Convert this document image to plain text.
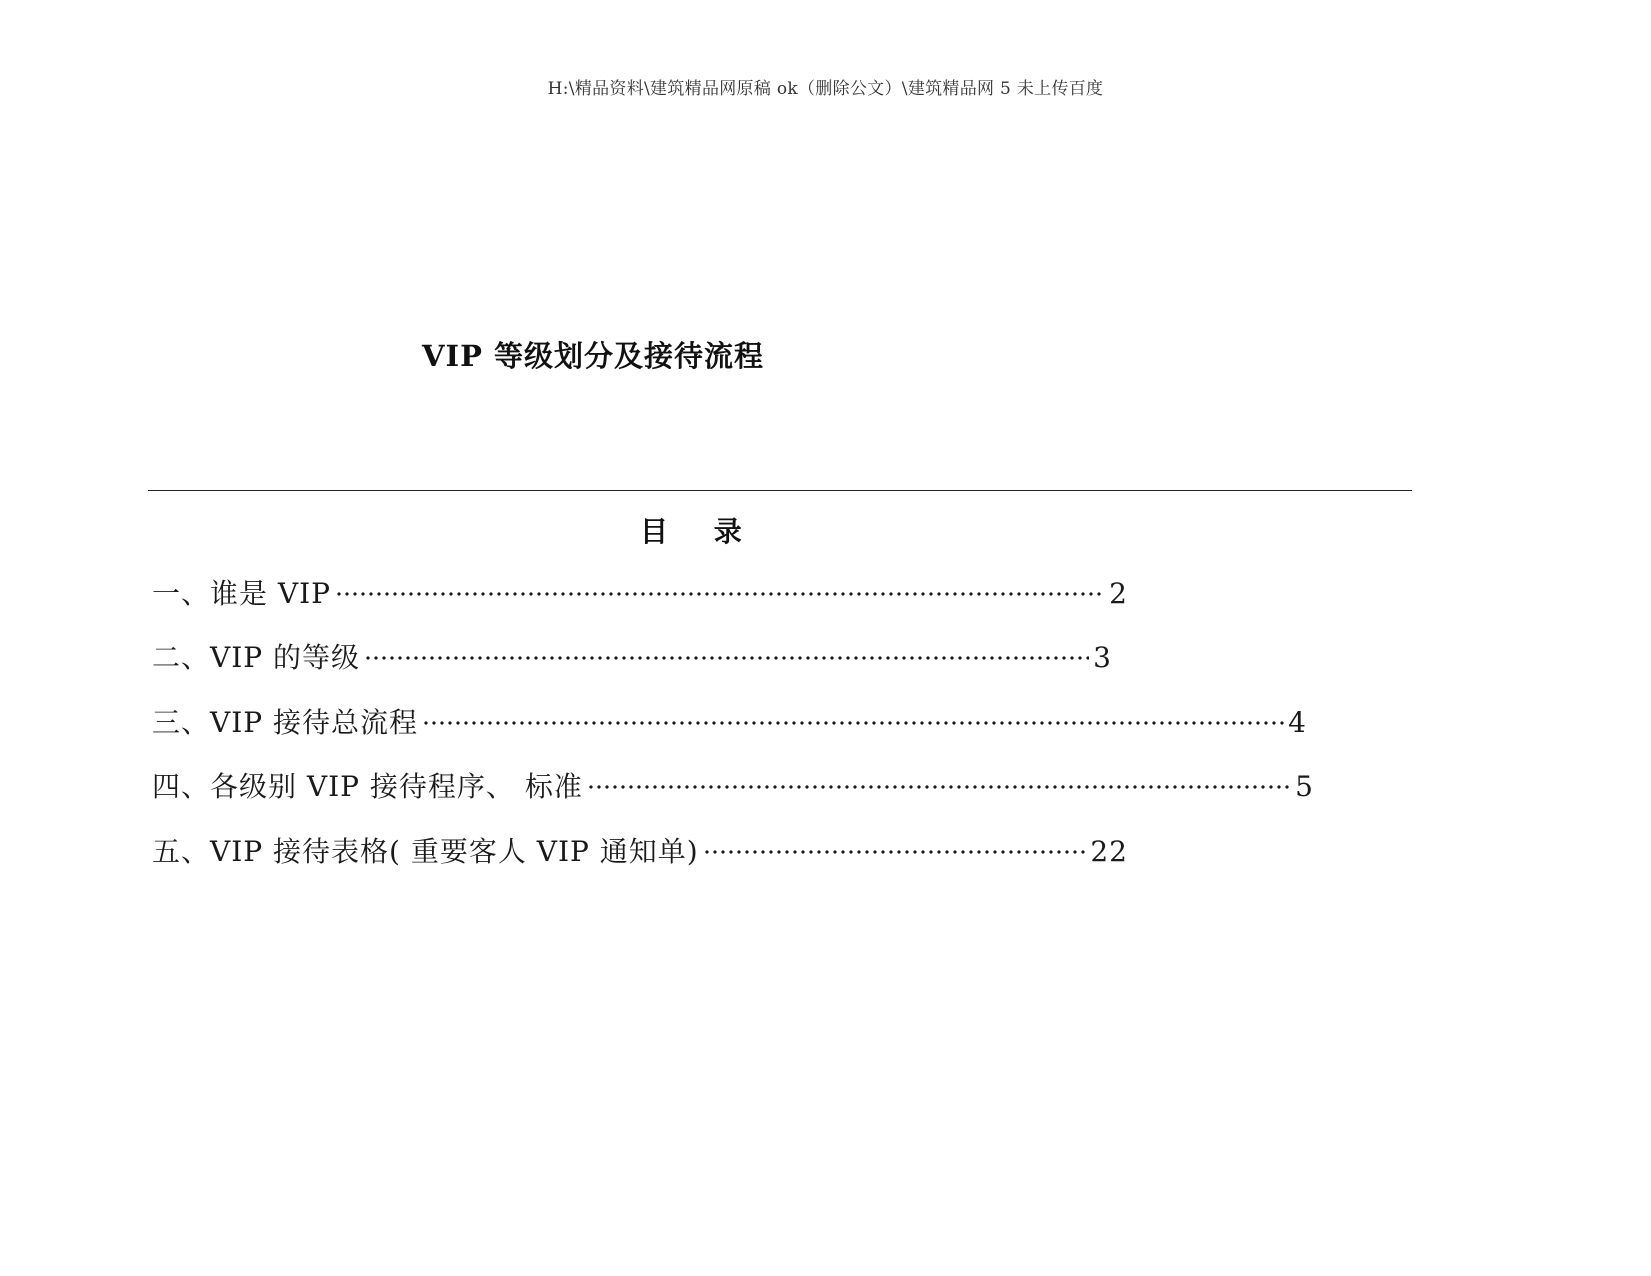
H:\精品资料\建筑精品网原稿 ok（删除公文）\建筑精品网 5 未上传百度
VIP 等级划分及接待流程
目 录
一、谁是 VIP	2
二、VIP 的等级	3
三、VIP 接待总流程	4
四、各级别 VIP 接待程序、 标准	5
五、VIP 接待表格( 重要客人 VIP 通知单)	22
